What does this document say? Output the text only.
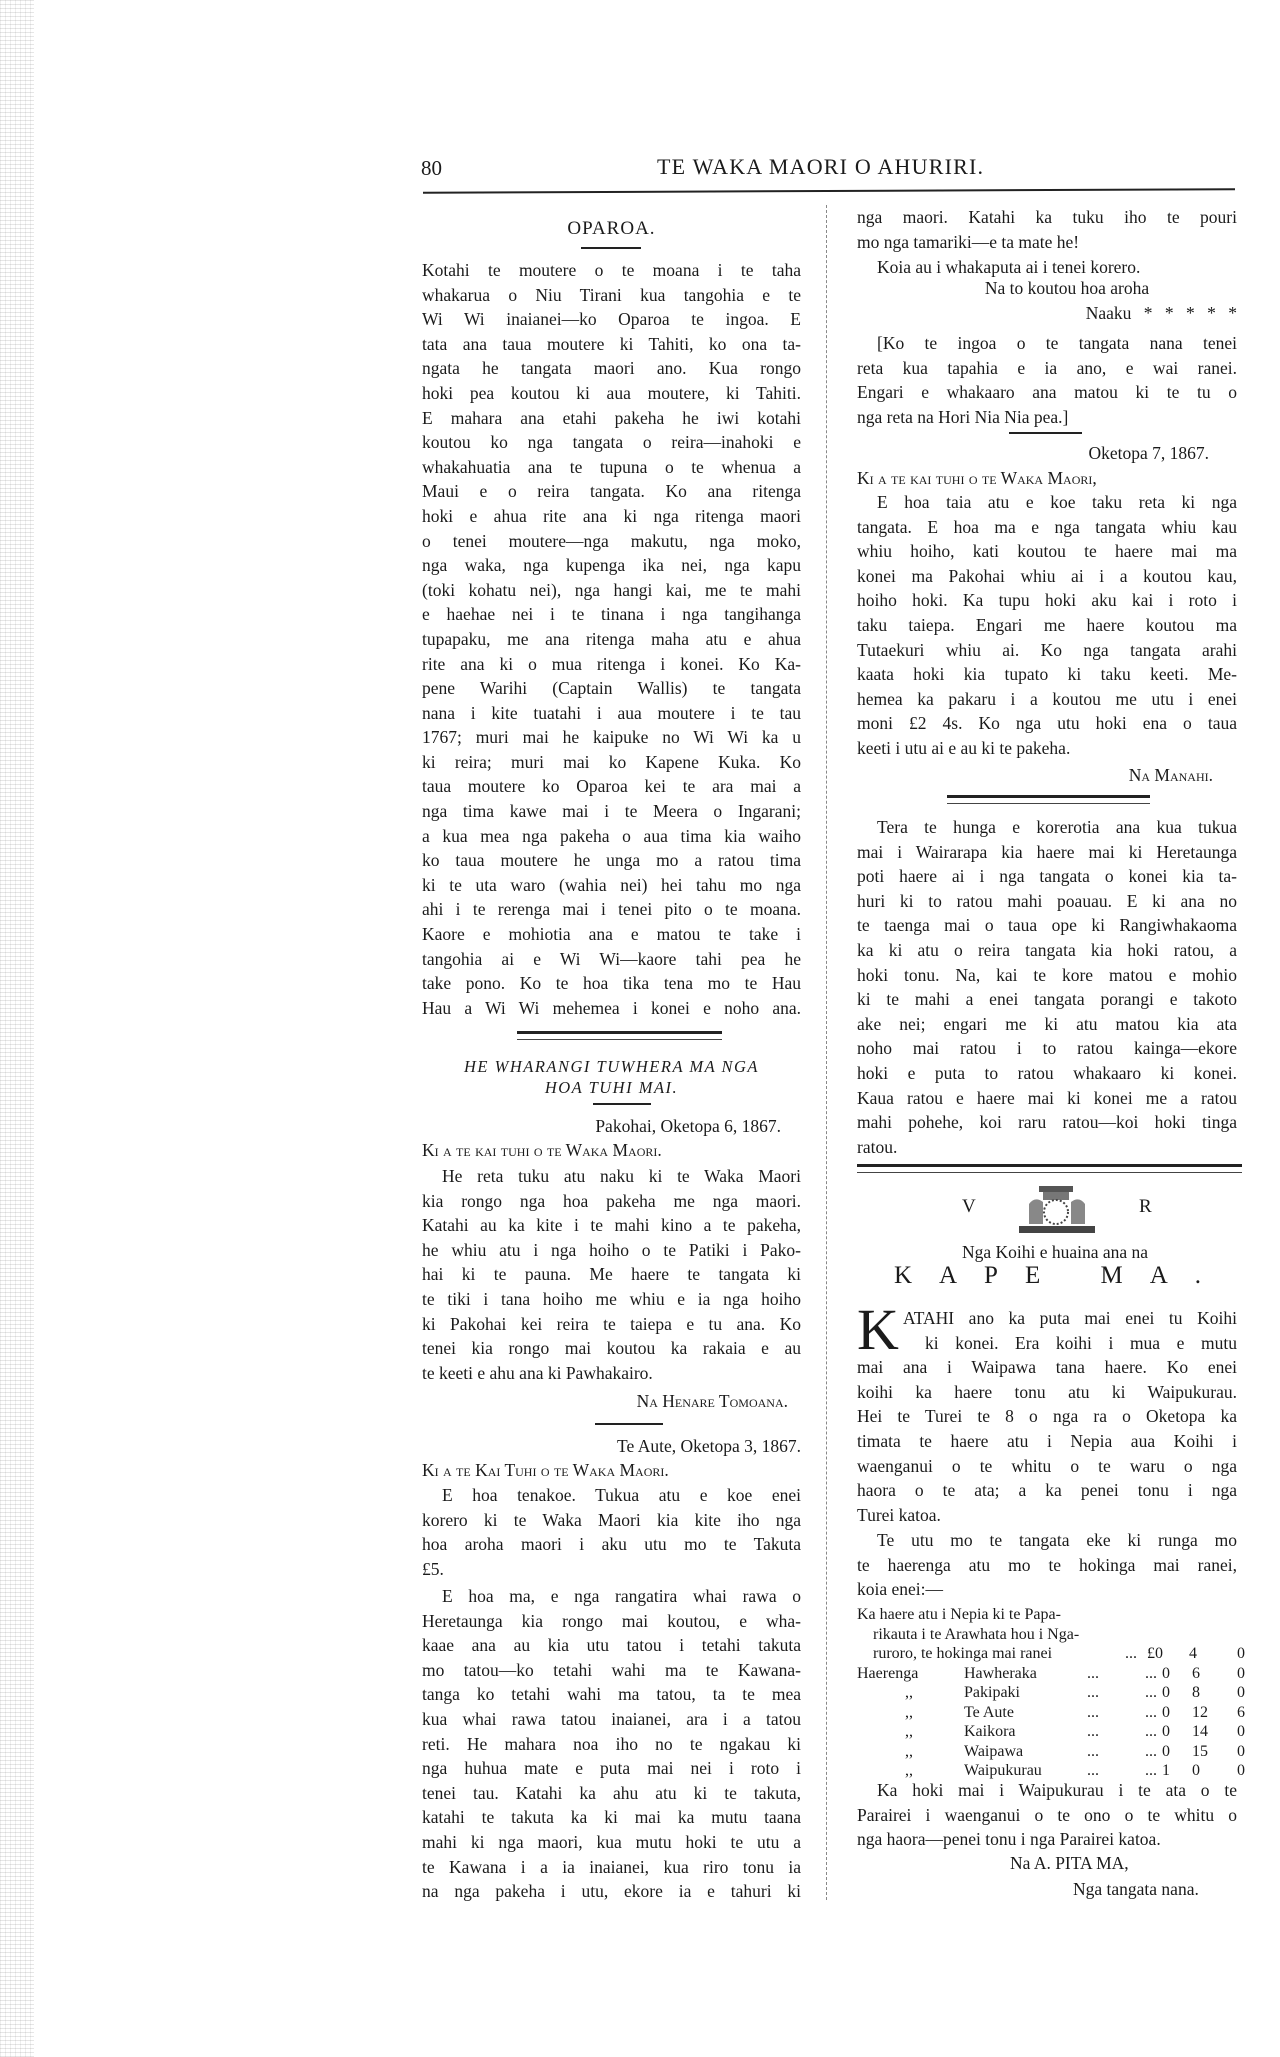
80	TE WAKA MAORI O AHURIRI.
OPAROA.
Kotahi te moutere o te moana i te taha
whakarua o Niu Tirani kua tangohia e te
Wi Wi inaianei—ko Oparoa te ingoa. E
tata ana taua moutere ki Tahiti, ko ona ta-
ngata he tangata maori ano. Kua rongo
hoki pea koutou ki aua moutere, ki Tahiti.
E mahara ana etahi pakeha he iwi kotahi
koutou ko nga tangata o reira—inahoki e
whakahuatia ana te tupuna o te whenua a
Maui e o reira tangata. Ko ana ritenga
hoki e ahua rite ana ki nga ritenga maori
o tenei moutere—nga makutu, nga moko,
nga waka, nga kupenga ika nei, nga kapu
(toki kohatu nei), nga hangi kai, me te mahi
e haehae nei i te tinana i nga tangihanga
tupapaku, me ana ritenga maha atu e ahua
rite ana ki o mua ritenga i konei. Ko Ka-
pene Warihi (Captain Wallis) te tangata
nana i kite tuatahi i aua moutere i te tau
1767; muri mai he kaipuke no Wi Wi ka u
ki reira; muri mai ko Kapene Kuka. Ko
taua moutere ko Oparoa kei te ara mai a
nga tima kawe mai i te Meera o Ingarani;
a kua mea nga pakeha o aua tima kia waiho
ko taua moutere he unga mo a ratou tima
ki te uta waro (wahia nei) hei tahu mo nga
ahi i te rerenga mai i tenei pito o te moana.
Kaore e mohiotia ana e matou te take i
tangohia ai e Wi Wi—kaore tahi pea he
take pono. Ko te hoa tika tena mo te Hau
Hau a Wi Wi mehemea i konei e noho ana.
HE WHARANGI TUWHERA MA NGA
HOA TUHI MAI.
Pakohai, Oketopa 6, 1867.
Ki a te kai tuhi o te Waka Maori.
He reta tuku atu naku ki te Waka Maori
kia rongo nga hoa pakeha me nga maori.
Katahi au ka kite i te mahi kino a te pakeha,
he whiu atu i nga hoiho o te Patiki i Pako-
hai ki te pauna. Me haere te tangata ki
te tiki i tana hoiho me whiu e ia nga hoiho
ki Pakohai kei reira te taiepa e tu ana. Ko
tenei kia rongo mai koutou ka rakaia e au
te keeti e ahu ana ki Pawhakairo.
Na Henare Tomoana.
Te Aute, Oketopa 3, 1867.
Ki a te Kai Tuhi o te Waka Maori.
E hoa tenakoe. Tukua atu e koe enei
korero ki te Waka Maori kia kite iho nga
hoa aroha maori i aku utu mo te Takuta
£5.
E hoa ma, e nga rangatira whai rawa o
Heretaunga kia rongo mai koutou, e wha-
kaae ana au kia utu tatou i tetahi takuta
mo tatou—ko tetahi wahi ma te Kawana-
tanga ko tetahi wahi ma tatou, ta te mea
kua whai rawa tatou inaianei, ara i a tatou
reti. He mahara noa iho no te ngakau ki
nga huhua mate e puta mai nei i roto i
tenei tau. Katahi ka ahu atu ki te takuta,
katahi te takuta ka ki mai ka mutu taana
mahi ki nga maori, kua mutu hoki te utu a
te Kawana i a ia inaianei, kua riro tonu ia
na nga pakeha i utu, ekore ia e tahuri ki
nga maori. Katahi ka tuku iho te pouri
mo nga tamariki—e ta mate he!
Koia au i whakaputa ai i tenei korero.
Na to koutou hoa aroha
Naaku * * * * *
[Ko te ingoa o te tangata nana tenei
reta kua tapahia e ia ano, e wai ranei.
Engari e whakaaro ana matou ki te tu o
nga reta na Hori Nia Nia pea.]
Oketopa 7, 1867.
Ki a te kai tuhi o te Waka Maori,
E hoa taia atu e koe taku reta ki nga
tangata. E hoa ma e nga tangata whiu kau
whiu hoiho, kati koutou te haere mai ma
konei ma Pakohai whiu ai i a koutou kau,
hoiho hoki. Ka tupu hoki aku kai i roto i
taku taiepa. Engari me haere koutou ma
Tutaekuri whiu ai. Ko nga tangata arahi
kaata hoki kia tupato ki taku keeti. Me-
hemea ka pakaru i a koutou me utu i enei
moni £2 4s. Ko nga utu hoki ena o taua
keeti i utu ai e au ki te pakeha.
Na Manahi.
Tera te hunga e korerotia ana kua tukua
mai i Wairarapa kia haere mai ki Heretaunga
poti haere ai i nga tangata o konei kia ta-
huri ki to ratou mahi poauau. E ki ana no
te taenga mai o taua ope ki Rangiwhakaoma
ka ki atu o reira tangata kia hoki ratou, a
hoki tonu. Na, kai te kore matou e mohio
ki te mahi a enei tangata porangi e takoto
ake nei; engari me ki atu matou kia ata
noho mai ratou i to ratou kainga—ekore
hoki e puta to ratou whakaaro ki konei.
Kaua ratou e haere mai ki konei me a ratou
mahi pohehe, koi raru ratou—koi hoki tinga
ratou.
V	R
Nga Koihi e huaina ana na
KAPE MA.
K ATAHI ano ka puta mai enei tu Koihi
ki konei. Era koihi i mua e mutu
mai ana i Waipawa tana haere. Ko enei
koihi ka haere tonu atu ki Waipukurau.
Hei te Turei te 8 o nga ra o Oketopa ka
timata te haere atu i Nepia aua Koihi i
waenganui o te whitu o te waru o nga
haora o te ata; a ka penei tonu i nga
Turei katoa.
Te utu mo te tangata eke ki runga mo
te haerenga atu mo te hokinga mai ranei,
koia enei:—
Ka haere atu i Nepia ki te Papa-
rikauta i te Arawhata hou i Nga-
ruroro, te hokinga mai ranei	... £0 4	0
Haerenga	Hawheraka	...	... 0 6 0
,,	Pakipaki	...	... 0 8 0
,,	Te Aute	...	... 0 12 6
,,	Kaikora	...	... 0 14 0
,,	Waipawa	...	... 0 15 0
,,	Waipukurau	...	... 1 0 0
Ka hoki mai i Waipukurau i te ata o te
Parairei i waenganui o te ono o te whitu o
nga haora—penei tonu i nga Parairei katoa.
Na A. PITA MA,
Nga tangata nana.
